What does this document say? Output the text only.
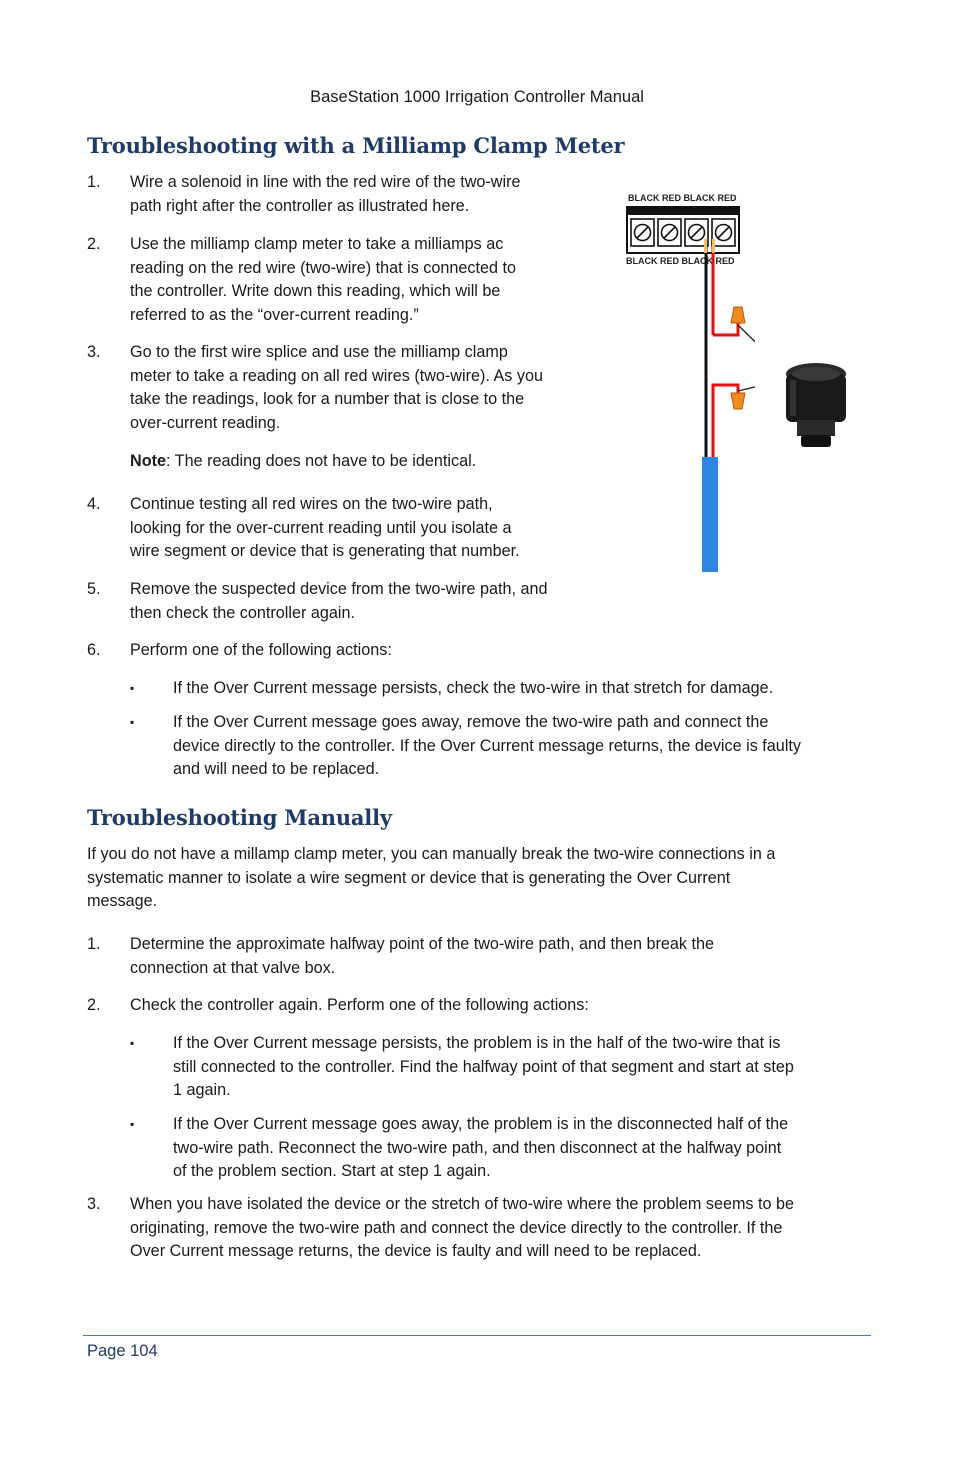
BaseStation 1000 Irrigation Controller Manual
Troubleshooting with a Milliamp Clamp Meter
1. Wire a solenoid in line with the red wire of the two-wire
path right after the controller as illustrated here.
2. Use the milliamp clamp meter to take a milliamps ac
reading on the red wire (two-wire) that is connected to
the controller. Write down this reading, which will be
referred to as the “over-current reading.”
3. Go to the first wire splice and use the milliamp clamp
meter to take a reading on all red wires (two-wire). As you
take the readings, look for a number that is close to the
over-current reading.
Note: The reading does not have to be identical.
4. Continue testing all red wires on the two-wire path,
looking for the over-current reading until you isolate a
wire segment or device that is generating that number.
5. Remove the suspected device from the two-wire path, and
then check the controller again.
6. Perform one of the following actions:
▪ If the Over Current message persists, check the two-wire in that stretch for damage.
▪ If the Over Current message goes away, remove the two-wire path and connect the
device directly to the controller. If the Over Current message returns, the device is faulty
and will need to be replaced.
BLACK RED BLACK RED
BLACK RED BLACK RED
Troubleshooting Manually
If you do not have a millamp clamp meter, you can manually break the two-wire connections in a
systematic manner to isolate a wire segment or device that is generating the Over Current
message.
1. Determine the approximate halfway point of the two-wire path, and then break the
connection at that valve box.
2. Check the controller again. Perform one of the following actions:
▪ If the Over Current message persists, the problem is in the half of the two-wire that is
still connected to the controller. Find the halfway point of that segment and start at step
1 again.
▪ If the Over Current message goes away, the problem is in the disconnected half of the
two-wire path. Reconnect the two-wire path, and then disconnect at the halfway point
of the problem section. Start at step 1 again.
3. When you have isolated the device or the stretch of two-wire where the problem seems to be
originating, remove the two-wire path and connect the device directly to the controller. If the
Over Current message returns, the device is faulty and will need to be replaced.
Page 104
